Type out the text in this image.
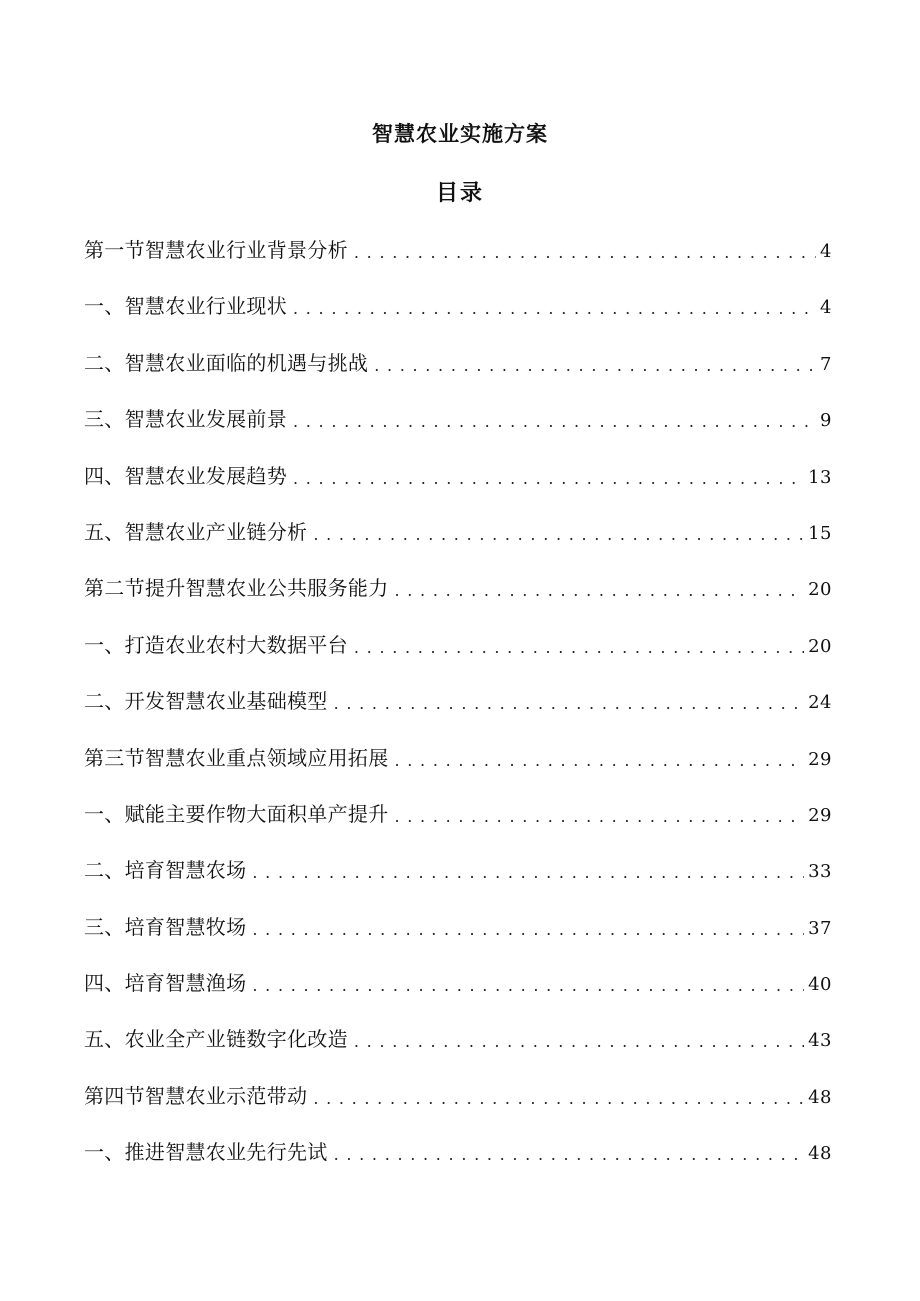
智慧农业实施方案
目录
第一节智慧农业行业背景分析 . . .	4
一、智慧农业行业现状 . . .	4
二、智慧农业面临的机遇与挑战 . . .	7
三、智慧农业发展前景 . . .	9
四、智慧农业发展趋势 . . .	13
五、智慧农业产业链分析 . . .	15
第二节提升智慧农业公共服务能力 . . .	20
一、打造农业农村大数据平台 . . .	20
二、开发智慧农业基础模型 . . .	24
第三节智慧农业重点领域应用拓展 . . .	29
一、赋能主要作物大面积单产提升 . . .	29
二、培育智慧农场 . . .	33
三、培育智慧牧场 . . .	37
四、培育智慧渔场 . . .	40
五、农业全产业链数字化改造 . . .	43
第四节智慧农业示范带动 . . .	48
一、推进智慧农业先行先试 . . .	48
